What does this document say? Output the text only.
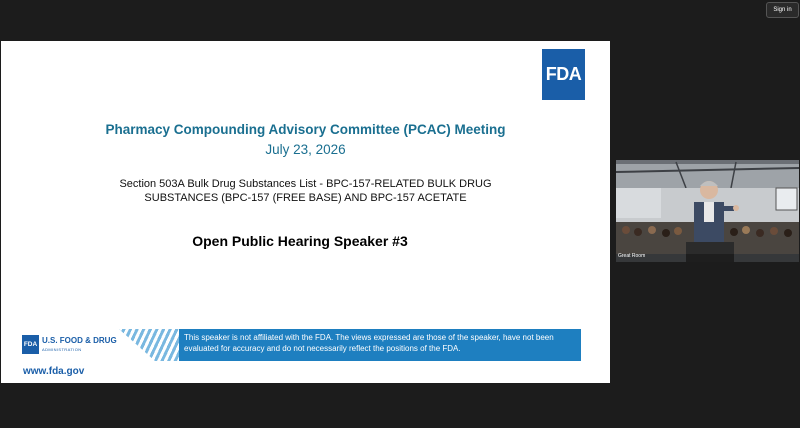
Sign in
FDA
Pharmacy Compounding Advisory Committee (PCAC) Meeting
July 23, 2026
Section 503A Bulk Drug Substances List - BPC-157-RELATED BULK DRUG
SUBSTANCES (BPC-157 (FREE BASE) AND BPC-157 ACETATE
Open Public Hearing Speaker #3
FDA U.S. FOOD & DRUG
ADMINISTRATION
This speaker is not affiliated with the FDA. The views expressed are those of the speaker, have not been evaluated for accuracy and do not necessarily reflect the positions of the FDA.
www.fda.gov
Great Room
